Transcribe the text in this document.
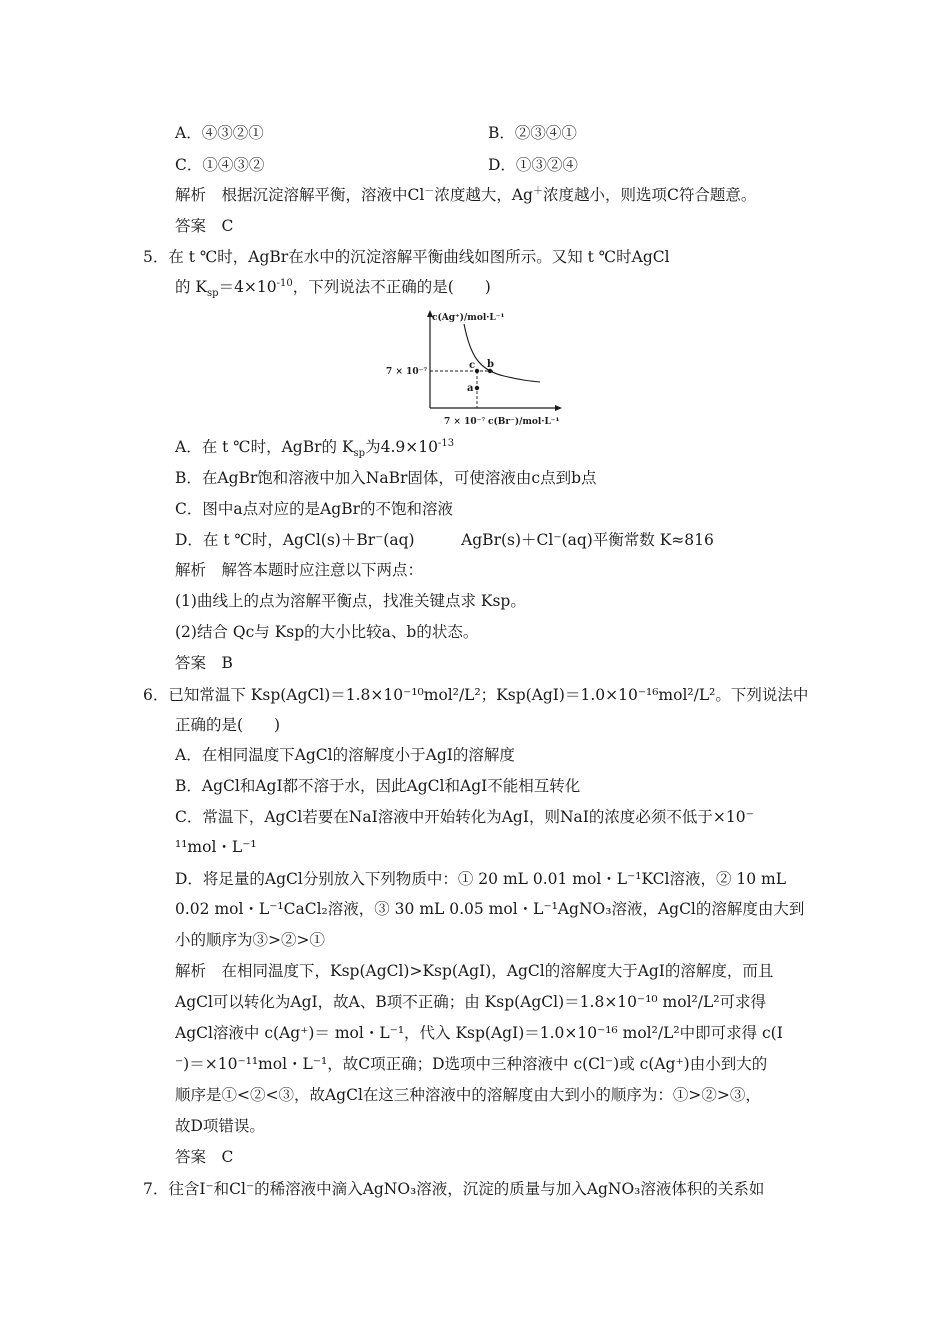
A．④③②①	B．②③④①
C．①④③②	D．①③②④
解析　根据沉淀溶解平衡，溶液中Cl－浓度越大，Ag＋浓度越小，则选项C符合题意。
答案　C
5．在 t ℃时，AgBr在水中的沉淀溶解平衡曲线如图所示。又知 t ℃时AgCl
的 $K_{sp}=4\times 10^{-10}$，下列说法不正确的是(　　)
c(Ag⁺)/mol·L⁻¹
7 × 10⁻⁷
7 × 10⁻⁷ c(Br⁻)/mol·L⁻¹
c b
a
A．在 t ℃时，AgBr的 $K_{sp}$为$4.9\times 10^{-13}$
B．在AgBr饱和溶液中加入NaBr固体，可使溶液由c点到b点
C．图中a点对应的是AgBr的不饱和溶液
D．在 t ℃时，AgCl(s)＋Br⁻(aq)　　　AgBr(s)＋Cl⁻(aq)平衡常数 K≈816
解析　解答本题时应注意以下两点：
(1)曲线上的点为溶解平衡点，找准关键点求 Ksp。
(2)结合 Qc与 Ksp的大小比较a、b的状态。
答案　B
6．已知常温下 Ksp(AgCl)＝1.8×10⁻¹⁰mol²/L²；Ksp(AgI)＝1.0×10⁻¹⁶mol²/L²。下列说法中
正确的是(　　)
A．在相同温度下AgCl的溶解度小于AgI的溶解度
B．AgCl和AgI都不溶于水，因此AgCl和AgI不能相互转化
C．常温下，AgCl若要在NaI溶液中开始转化为AgI，则NaI的浓度必须不低于×10⁻
¹¹mol・L⁻¹
D．将足量的AgCl分别放入下列物质中：① 20 mL 0.01 mol・L⁻¹KCl溶液，② 10 mL
0.02 mol・L⁻¹CaCl₂溶液，③ 30 mL 0.05 mol・L⁻¹AgNO₃溶液，AgCl的溶解度由大到
小的顺序为③>②>①
解析　在相同温度下，Ksp(AgCl)>Ksp(AgI)，AgCl的溶解度大于AgI的溶解度，而且
AgCl可以转化为AgI，故A、B项不正确；由 Ksp(AgCl)＝1.8×10⁻¹⁰ mol²/L²可求得
AgCl溶液中 c(Ag⁺)＝ mol・L⁻¹，代入 Ksp(AgI)＝1.0×10⁻¹⁶ mol²/L²中即可求得 c(I
⁻)＝×10⁻¹¹mol・L⁻¹，故C项正确；D选项中三种溶液中 c(Cl⁻)或 c(Ag⁺)由小到大的
顺序是①<②<③，故AgCl在这三种溶液中的溶解度由大到小的顺序为：①>②>③，
故D项错误。
答案　C
7．往含I⁻和Cl⁻的稀溶液中滴入AgNO₃溶液，沉淀的质量与加入AgNO₃溶液体积的关系如
